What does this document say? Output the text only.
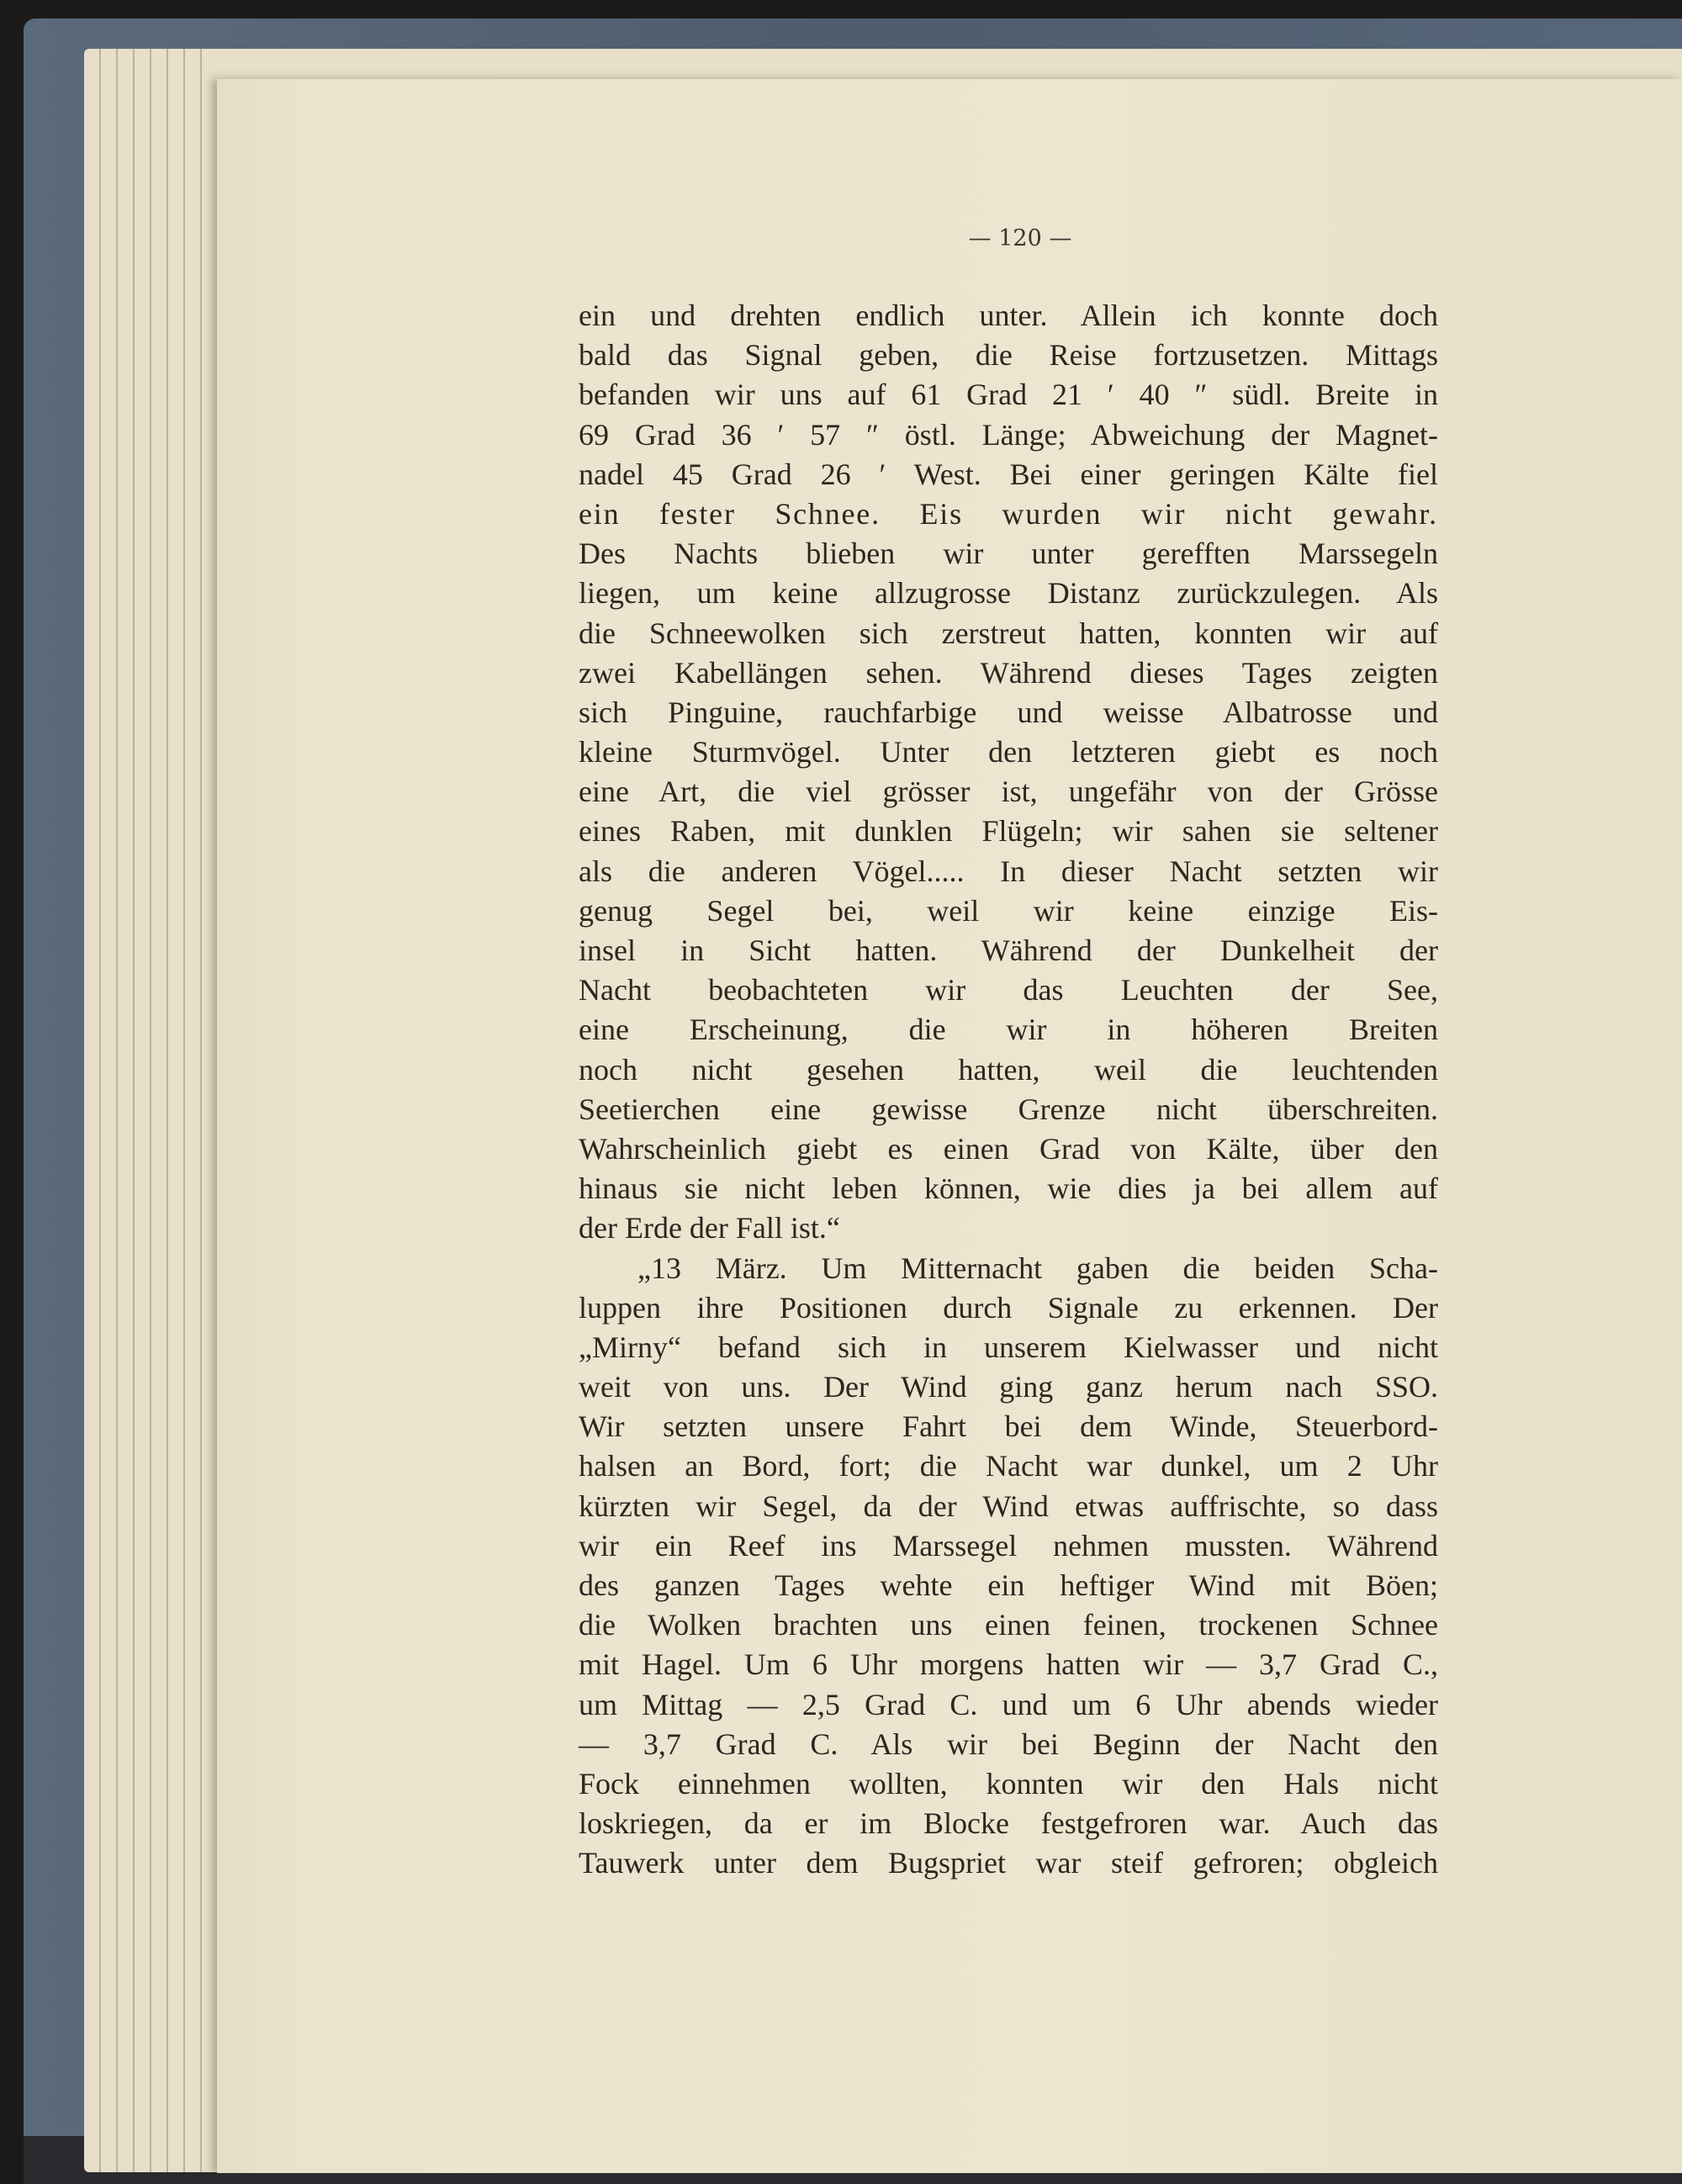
— 120 —
ein und drehten endlich unter. Allein ich konnte doch
bald das Signal geben, die Reise fortzusetzen. Mittags
befanden wir uns auf 61 Grad 21 ′ 40 ″ südl. Breite in
69 Grad 36 ′ 57 ″ östl. Länge; Abweichung der Magnet-
nadel 45 Grad 26 ′ West. Bei einer geringen Kälte fiel
ein fester Schnee. Eis wurden wir nicht gewahr.
Des Nachts blieben wir unter gerefften Marssegeln
liegen, um keine allzugrosse Distanz zurückzulegen. Als
die Schneewolken sich zerstreut hatten, konnten wir auf
zwei Kabellängen sehen. Während dieses Tages zeigten
sich Pinguine, rauchfarbige und weisse Albatrosse und
kleine Sturmvögel. Unter den letzteren giebt es noch
eine Art, die viel grösser ist, ungefähr von der Grösse
eines Raben, mit dunklen Flügeln; wir sahen sie seltener
als die anderen Vögel..... In dieser Nacht setzten wir
genug Segel bei, weil wir keine einzige Eis-
insel in Sicht hatten. Während der Dunkelheit der
Nacht beobachteten wir das Leuchten der See,
eine Erscheinung, die wir in höheren Breiten
noch nicht gesehen hatten, weil die leuchtenden
Seetierchen eine gewisse Grenze nicht überschreiten.
Wahrscheinlich giebt es einen Grad von Kälte, über den
hinaus sie nicht leben können, wie dies ja bei allem auf
der Erde der Fall ist.“
„13 März. Um Mitternacht gaben die beiden Scha-
luppen ihre Positionen durch Signale zu erkennen. Der
„Mirny“ befand sich in unserem Kielwasser und nicht
weit von uns. Der Wind ging ganz herum nach SSO.
Wir setzten unsere Fahrt bei dem Winde, Steuerbord-
halsen an Bord, fort; die Nacht war dunkel, um 2 Uhr
kürzten wir Segel, da der Wind etwas auffrischte, so dass
wir ein Reef ins Marssegel nehmen mussten. Während
des ganzen Tages wehte ein heftiger Wind mit Böen;
die Wolken brachten uns einen feinen, trockenen Schnee
mit Hagel. Um 6 Uhr morgens hatten wir — 3,7 Grad C.,
um Mittag — 2,5 Grad C. und um 6 Uhr abends wieder
— 3,7 Grad C. Als wir bei Beginn der Nacht den
Fock einnehmen wollten, konnten wir den Hals nicht
loskriegen, da er im Blocke festgefroren war. Auch das
Tauwerk unter dem Bugspriet war steif gefroren; obgleich
